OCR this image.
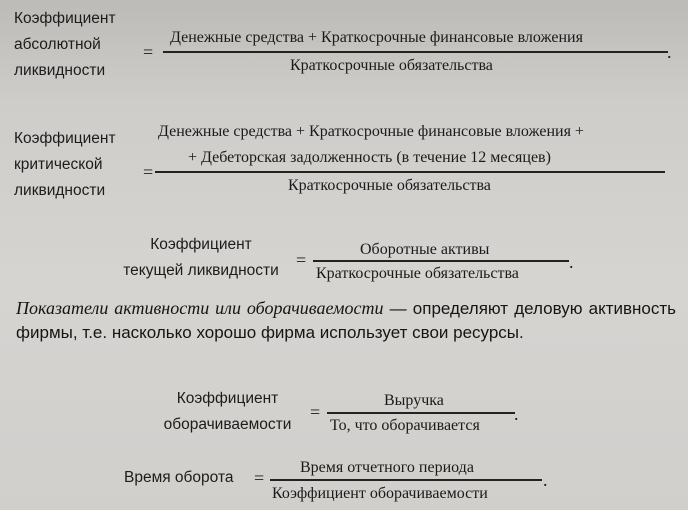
Коэффициент
абсолютной
ликвидности
=
Денежные средства + Краткосрочные финансовые вложения
Краткосрочные обязательства
.
Коэффициент
критической
ликвидности
=
Денежные средства + Краткосрочные финансовые вложения +
+ Дебеторская задолженность (в течение 12 месяцев)
Краткосрочные обязательства
Коэффициент
текущей ликвидности
=
Оборотные активы
Краткосрочные обязательства
.
Показатели активности или оборачиваемости — определяют деловую активность фирмы, т.е. насколько хорошо фирма использует свои ресурсы.
Коэффициент
оборачиваемости
=
Выручка
То, что оборачивается
.
Время оборота =
Время отчетного периода
Коэффициент оборачиваемости
.
